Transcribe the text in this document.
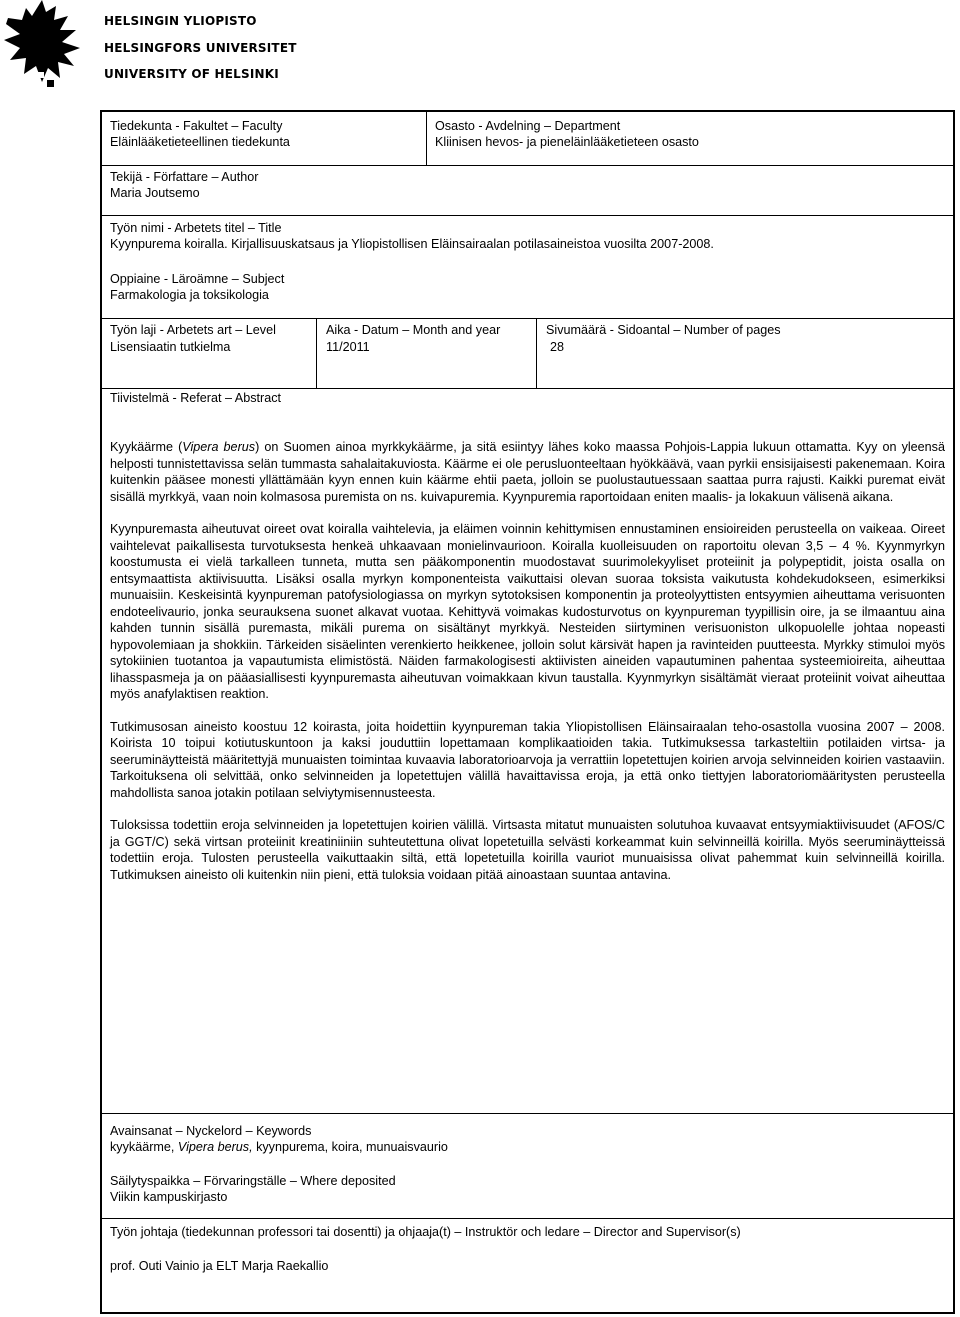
HELSINGIN YLIOPISTO
HELSINGFORS UNIVERSITET
UNIVERSITY OF HELSINKI
Tiedekunta - Fakultet – Faculty
Eläinlääketieteellinen tiedekunta
Osasto - Avdelning – Department
Kliinisen hevos- ja pieneläinlääketieteen osasto
Tekijä - Författare – Author
Maria Joutsemo
Työn nimi - Arbetets titel – Title
Kyynpurema koiralla. Kirjallisuuskatsaus ja Yliopistollisen Eläinsairaalan potilasaineistoa vuosilta 2007-2008.
Oppiaine - Läroämne – Subject
Farmakologia ja toksikologia
Työn laji - Arbetets art – Level
Lisensiaatin tutkielma
Aika - Datum – Month and year
11/2011
Sivumäärä - Sidoantal – Number of pages
28
Tiivistelmä - Referat – Abstract

Kyykäärme (Vipera berus) on Suomen ainoa myrkkykäärme, ja sitä esiintyy lähes koko maassa Pohjois-Lappia lukuun ottamatta. Kyy on yleensä helposti tunnistettavissa selän tummasta sahalaitakuviosta. Käärme ei ole perusluonteeltaan hyökkäävä, vaan pyrkii ensisijaisesti pakenemaan. Koira kuitenkin pääsee monesti yllättämään kyyn ennen kuin käärme ehtii paeta, jolloin se puolustautuessaan saattaa purra rajusti. Kaikki puremat eivät sisällä myrkkyä, vaan noin kolmasosa puremista on ns. kuivapuremia. Kyynpuremia raportoidaan eniten maalis- ja lokakuun välisenä aikana.

Kyynpuremasta aiheutuvat oireet ovat koiralla vaihtelevia, ja eläimen voinnin kehittymisen ennustaminen ensioireiden perusteella on vaikeaa. Oireet vaihtelevat paikallisesta turvotuksesta henkeä uhkaavaan monielinvaurioon. Koiralla kuolleisuuden on raportoitu olevan 3,5 – 4 %. Kyynmyrkyn koostumusta ei vielä tarkalleen tunneta, mutta sen pääkomponentin muodostavat suurimolekyyliset proteiinit ja polypeptidit, joista osalla on entsymaattista aktiivisuutta. Lisäksi osalla myrkyn komponenteista vaikuttaisi olevan suoraa toksista vaikutusta kohdekudokseen, esimerkiksi munuaisiin. Keskeisintä kyynpureman patofysiologiassa on myrkyn sytotoksisen komponentin ja proteolyyttisten entsyymien aiheuttama verisuonten endoteelivaurio, jonka seurauksena suonet alkavat vuotaa. Kehittyvä voimakas kudosturvotus on kyynpureman tyypillisin oire, ja se ilmaantuu aina kahden tunnin sisällä puremasta, mikäli purema on sisältänyt myrkkyä. Nesteiden siirtyminen verisuoniston ulkopuolelle johtaa nopeasti hypovolemiaan ja shokkiin. Tärkeiden sisäelinten verenkierto heikkenee, jolloin solut kärsivät hapen ja ravinteiden puutteesta. Myrkky stimuloi myös sytokiinien tuotantoa ja vapautumista elimistöstä. Näiden farmakologisesti aktiivisten aineiden vapautuminen pahentaa systeemioireita, aiheuttaa lihasspasmeja ja on pääasiallisesti kyynpuremasta aiheutuvan voimakkaan kivun taustalla. Kyynmyrkyn sisältämät vieraat proteiinit voivat aiheuttaa myös anafylaktisen reaktion.

Tutkimusosan aineisto koostuu 12 koirasta, joita hoidettiin kyynpureman takia Yliopistollisen Eläinsairaalan teho-osastolla vuosina 2007 – 2008. Koirista 10 toipui kotiutuskuntoon ja kaksi jouduttiin lopettamaan komplikaatioiden takia. Tutkimuksessa tarkasteltiin potilaiden virtsa- ja seeruminäytteistä määritettyjä munuaisten toimintaa kuvaavia laboratorioarvoja ja verrattiin lopetettujen koirien arvoja selvinneiden koirien vastaaviin. Tarkoituksena oli selvittää, onko selvinneiden ja lopetettujen välillä havaittavissa eroja, ja että onko tiettyjen laboratoriomääritysten perusteella mahdollista sanoa jotakin potilaan selviytymisennusteesta.

Tuloksissa todettiin eroja selvinneiden ja lopetettujen koirien välillä. Virtsasta mitatut munuaisten solutuhoa kuvaavat entsyymiaktiivisuudet (AFOS/C ja GGT/C) sekä virtsan proteiinit kreatiniiniin suhteutettuna olivat lopetetuilla selvästi korkeammat kuin selvinneillä koirilla. Myös seeruminäytteissä todettiin eroja. Tulosten perusteella vaikuttaakin siltä, että lopetetuilla koirilla vauriot munuaisissa olivat pahemmat kuin selvinneillä koirilla. Tutkimuksen aineisto oli kuitenkin niin pieni, että tuloksia voidaan pitää ainoastaan suuntaa antavina.

Avainsanat – Nyckelord – Keywords
kyykäärme, Vipera berus, kyynpurema, koira, munuaisvaurio
Säilytyspaikka – Förvaringställe – Where deposited
Viikin kampuskirjasto
Työn johtaja (tiedekunnan professori tai dosentti) ja ohjaaja(t) – Instruktör och ledare – Director and Supervisor(s)
prof. Outi Vainio ja ELT Marja Raekallio
